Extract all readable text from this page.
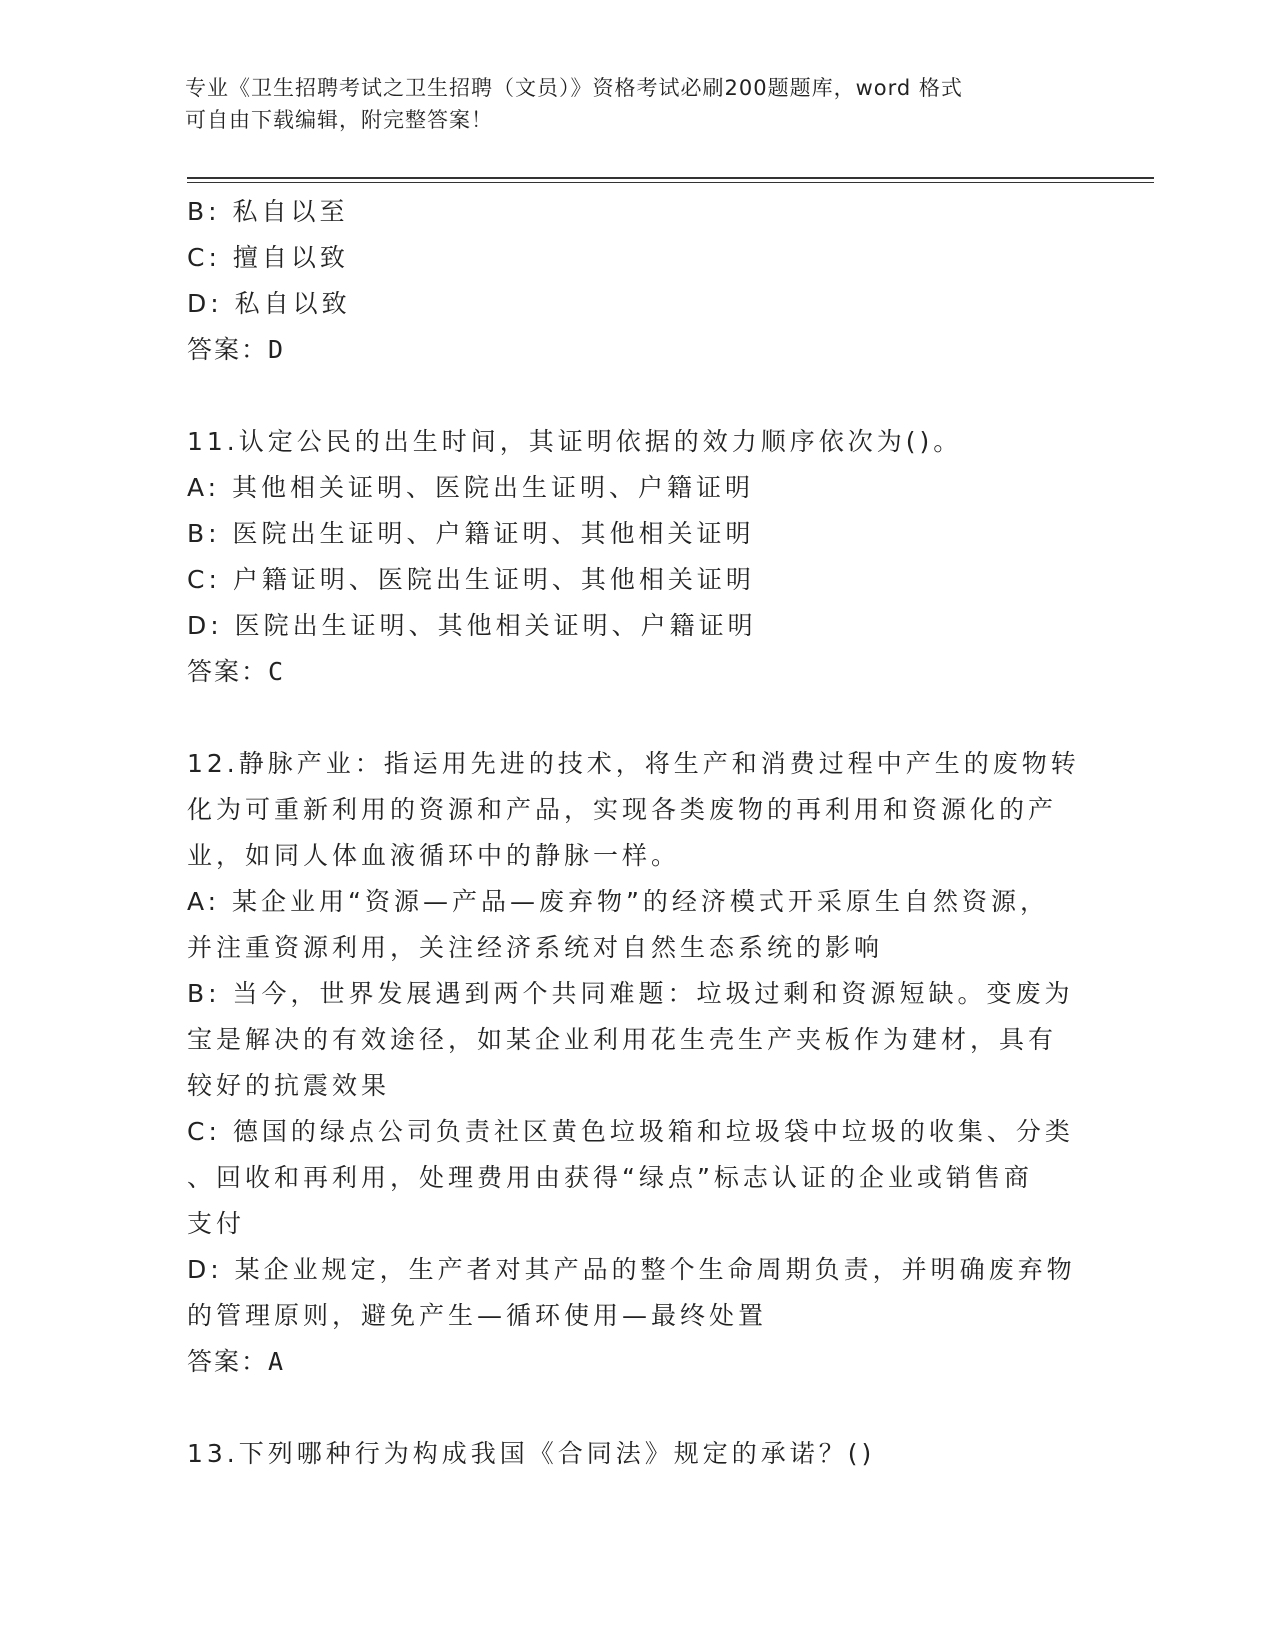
专业《卫生招聘考试之卫生招聘（文员）》资格考试必刷200题题库，word 格式
可自由下载编辑，附完整答案！

B: 私自以至

C: 擅自以致

D: 私自以致

答案：D

11.认定公民的出生时间，其证明依据的效力顺序依次为()。

A: 其他相关证明、医院出生证明、户籍证明

B: 医院出生证明、户籍证明、其他相关证明

C: 户籍证明、医院出生证明、其他相关证明

D: 医院出生证明、其他相关证明、户籍证明

答案：C

12.静脉产业：指运用先进的技术，将生产和消费过程中产生的废物转

化为可重新利用的资源和产品，实现各类废物的再利用和资源化的产

业，如同人体血液循环中的静脉一样。

A: 某企业用“资源—产品—废弃物”的经济模式开采原生自然资源，

并注重资源利用，关注经济系统对自然生态系统的影响

B: 当今，世界发展遇到两个共同难题：垃圾过剩和资源短缺。变废为

宝是解决的有效途径，如某企业利用花生壳生产夹板作为建材，具有

较好的抗震效果

C: 德国的绿点公司负责社区黄色垃圾箱和垃圾袋中垃圾的收集、分类

、回收和再利用，处理费用由获得“绿点”标志认证的企业或销售商

支付

D: 某企业规定，生产者对其产品的整个生命周期负责，并明确废弃物

的管理原则，避免产生—循环使用—最终处置

答案：A

13.下列哪种行为构成我国《合同法》规定的承诺？()
